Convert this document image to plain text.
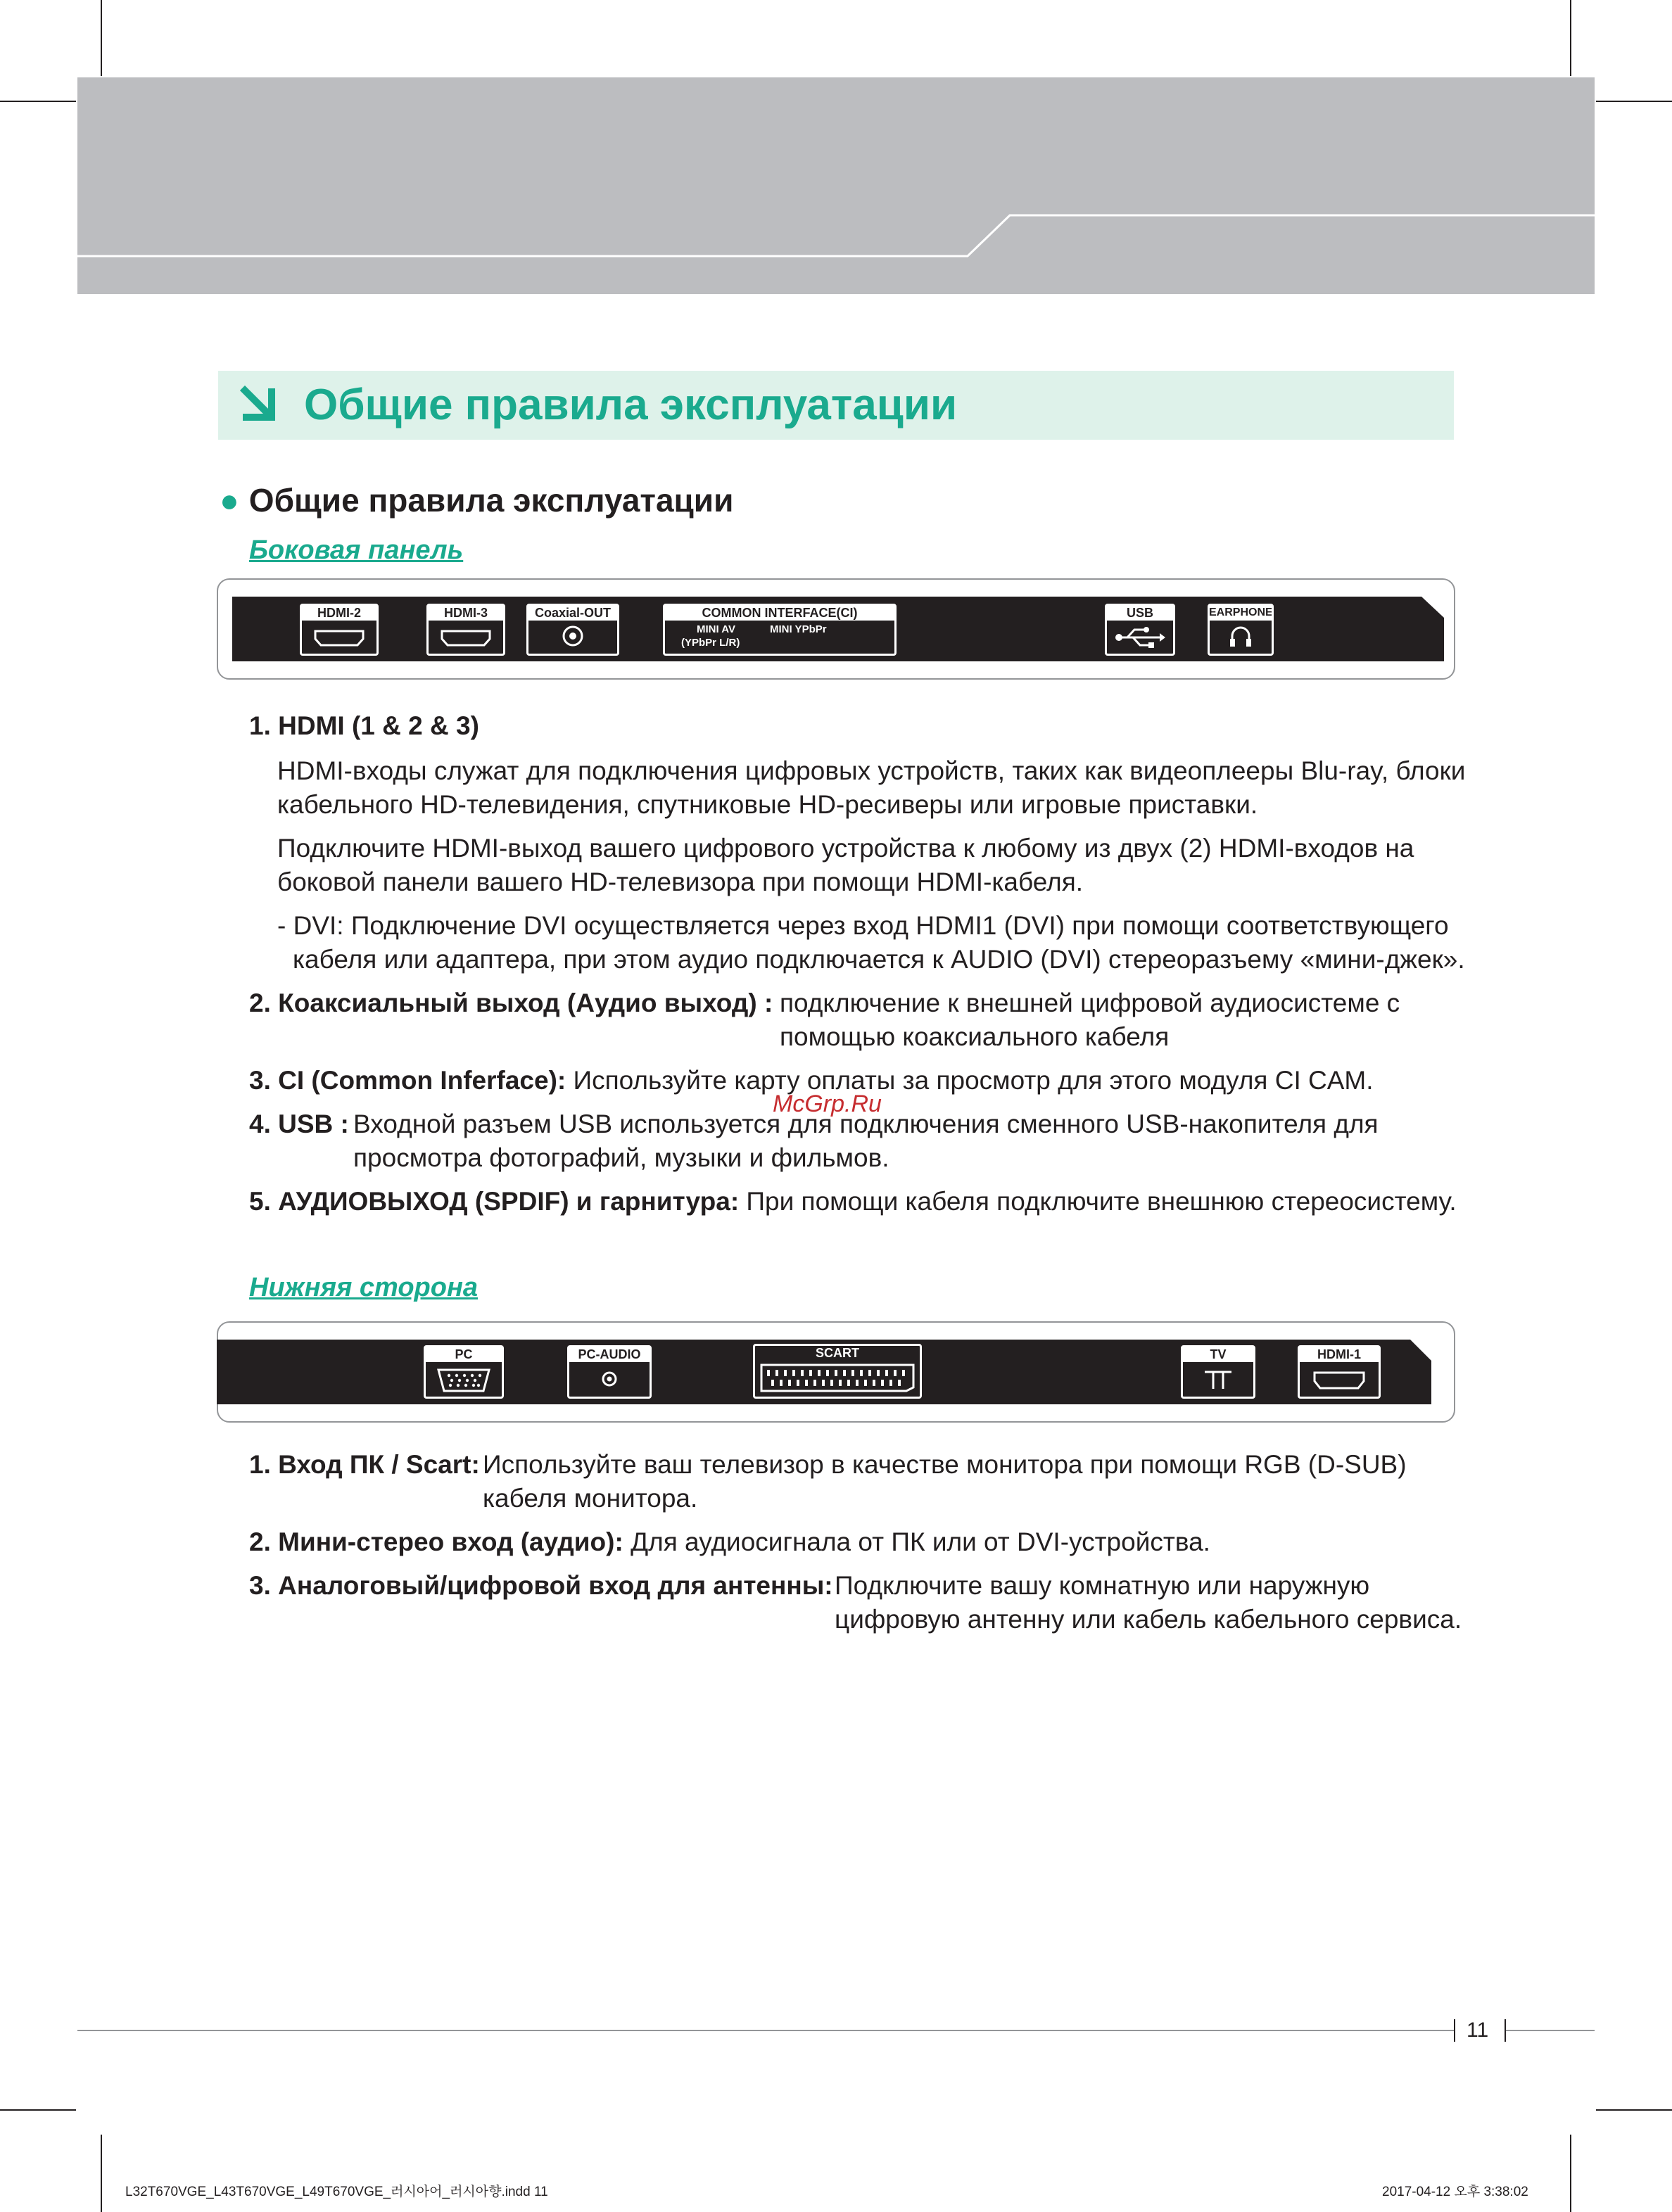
Общие правила эксплуатации
● Общие правила эксплуатации
Боковая панель
HDMI-2	HDMI-3	Coaxial-OUT	COMMON INTERFACE(CI)
MINI AV
(YPbPr L/R)
MINI YPbPr
USB	EARPHONE
1. HDMI (1 & 2 & 3)
HDMI-входы служат для подключения цифровых устройств, таких как видеоплееры Blu-ray, блоки
кабельного HD-телевидения, спутниковые HD-ресиверы или игровые приставки.
Подключите HDMI-выход вашего цифрового устройства к любому из двух (2) HDMI-входов на
боковой панели вашего HD-телевизора при помощи HDMI-кабеля.
- DVI: Подключение DVI осуществляется через вход HDMI1 (DVI) при помощи соответствующего
кабеля или адаптера, при этом аудио подключается к AUDIO (DVI) стереоразъему «мини-джек».
2. Коаксиальный выход (Аудио выход) : подключение к внешней цифровой аудиосистеме с
помощью коаксиального кабеля
3. CI (Common Inferface): Используйте карту оплаты за просмотр для этого модуля CI CAM.
4. USB : Входной разъем USB используется для подключения сменного USB-накопителя для
просмотра фотографий, музыки и фильмов.
5. АУДИОВЫХОД (SPDIF) и гарнитура: При помощи кабеля подключите внешнюю стереосистему.
McGrp.Ru
Нижняя сторона
PC	PC-AUDIO	SCART	TV	HDMI-1
1. Вход ПК / Scart: Используйте ваш телевизор в качестве монитора при помощи RGB (D-SUB)
кабеля монитора.
2. Мини-стерео вход (аудио): Для аудиосигнала от ПК или от DVI-устройства.
3. Аналоговый/цифровой вход для антенны: Подключите вашу комнатную или наружную
цифровую антенну или кабель кабельного сервиса.
11
L32T670VGE_L43T670VGE_L49T670VGE_러시아어_러시아향.indd 11	2017-04-12 오후 3:38:02
